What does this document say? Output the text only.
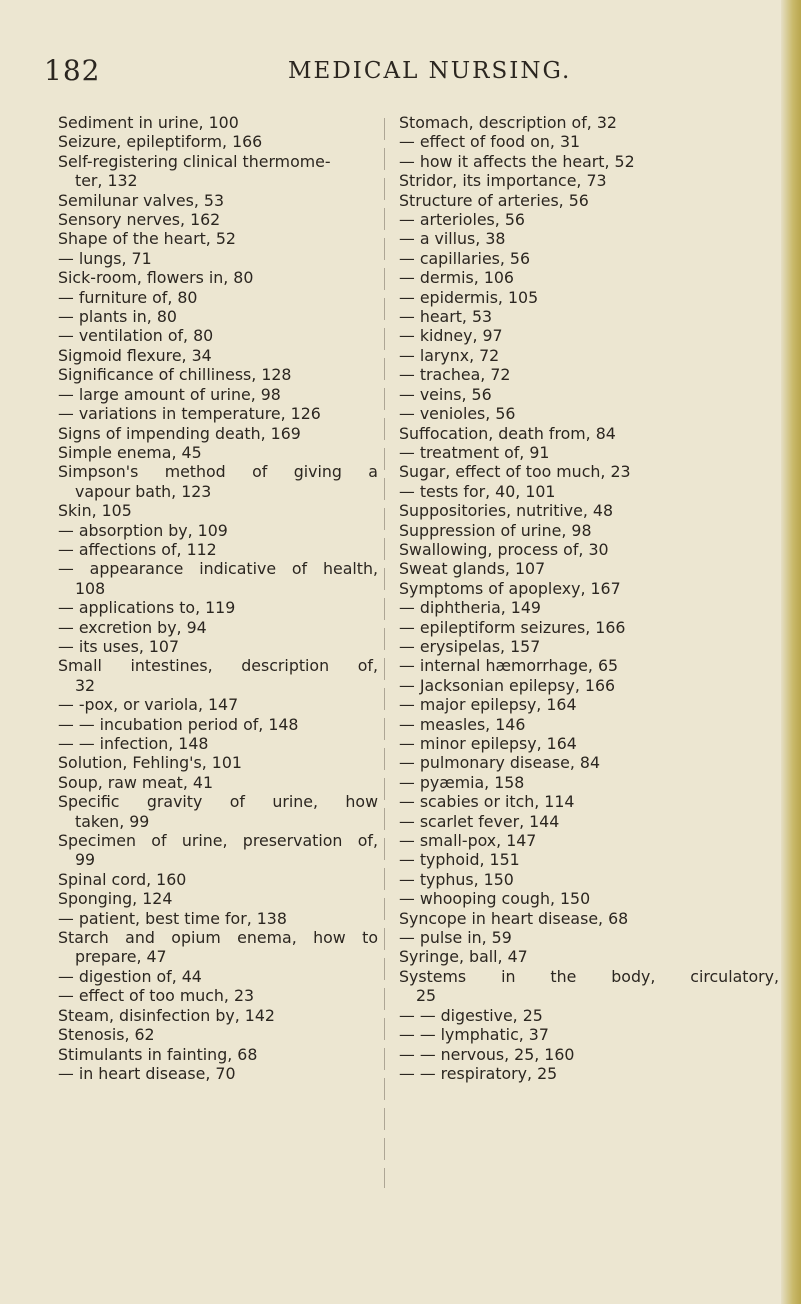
182	MEDICAL NURSING.
Sediment in urine, 100
Seizure, epileptiform, 166
Self-registering clinical thermome-
ter, 132
Semilunar valves, 53
Sensory nerves, 162
Shape of the heart, 52
— lungs, 71
Sick-room, flowers in, 80
— furniture of, 80
— plants in, 80
— ventilation of, 80
Sigmoid flexure, 34
Significance of chilliness, 128
— large amount of urine, 98
— variations in temperature, 126
Signs of impending death, 169
Simple enema, 45
Simpson's method of giving a
vapour bath, 123
Skin, 105
— absorption by, 109
— affections of, 112
— appearance indicative of health,
108
— applications to, 119
— excretion by, 94
— its uses, 107
Small intestines, description of,
32
— -pox, or variola, 147
— — incubation period of, 148
— — infection, 148
Solution, Fehling's, 101
Soup, raw meat, 41
Specific gravity of urine, how
taken, 99
Specimen of urine, preservation of,
99
Spinal cord, 160
Sponging, 124
— patient, best time for, 138
Starch and opium enema, how to
prepare, 47
— digestion of, 44
— effect of too much, 23
Steam, disinfection by, 142
Stenosis, 62
Stimulants in fainting, 68
— in heart disease, 70
Stomach, description of, 32
— effect of food on, 31
— how it affects the heart, 52
Stridor, its importance, 73
Structure of arteries, 56
— arterioles, 56
— a villus, 38
— capillaries, 56
— dermis, 106
— epidermis, 105
— heart, 53
— kidney, 97
— larynx, 72
— trachea, 72
— veins, 56
— venioles, 56
Suffocation, death from, 84
— treatment of, 91
Sugar, effect of too much, 23
— tests for, 40, 101
Suppositories, nutritive, 48
Suppression of urine, 98
Swallowing, process of, 30
Sweat glands, 107
Symptoms of apoplexy, 167
— diphtheria, 149
— epileptiform seizures, 166
— erysipelas, 157
— internal hæmorrhage, 65
— Jacksonian epilepsy, 166
— major epilepsy, 164
— measles, 146
— minor epilepsy, 164
— pulmonary disease, 84
— pyæmia, 158
— scabies or itch, 114
— scarlet fever, 144
— small-pox, 147
— typhoid, 151
— typhus, 150
— whooping cough, 150
Syncope in heart disease, 68
— pulse in, 59
Syringe, ball, 47
Systems in the body, circulatory,
25
— — digestive, 25
— — lymphatic, 37
— — nervous, 25, 160
— — respiratory, 25
